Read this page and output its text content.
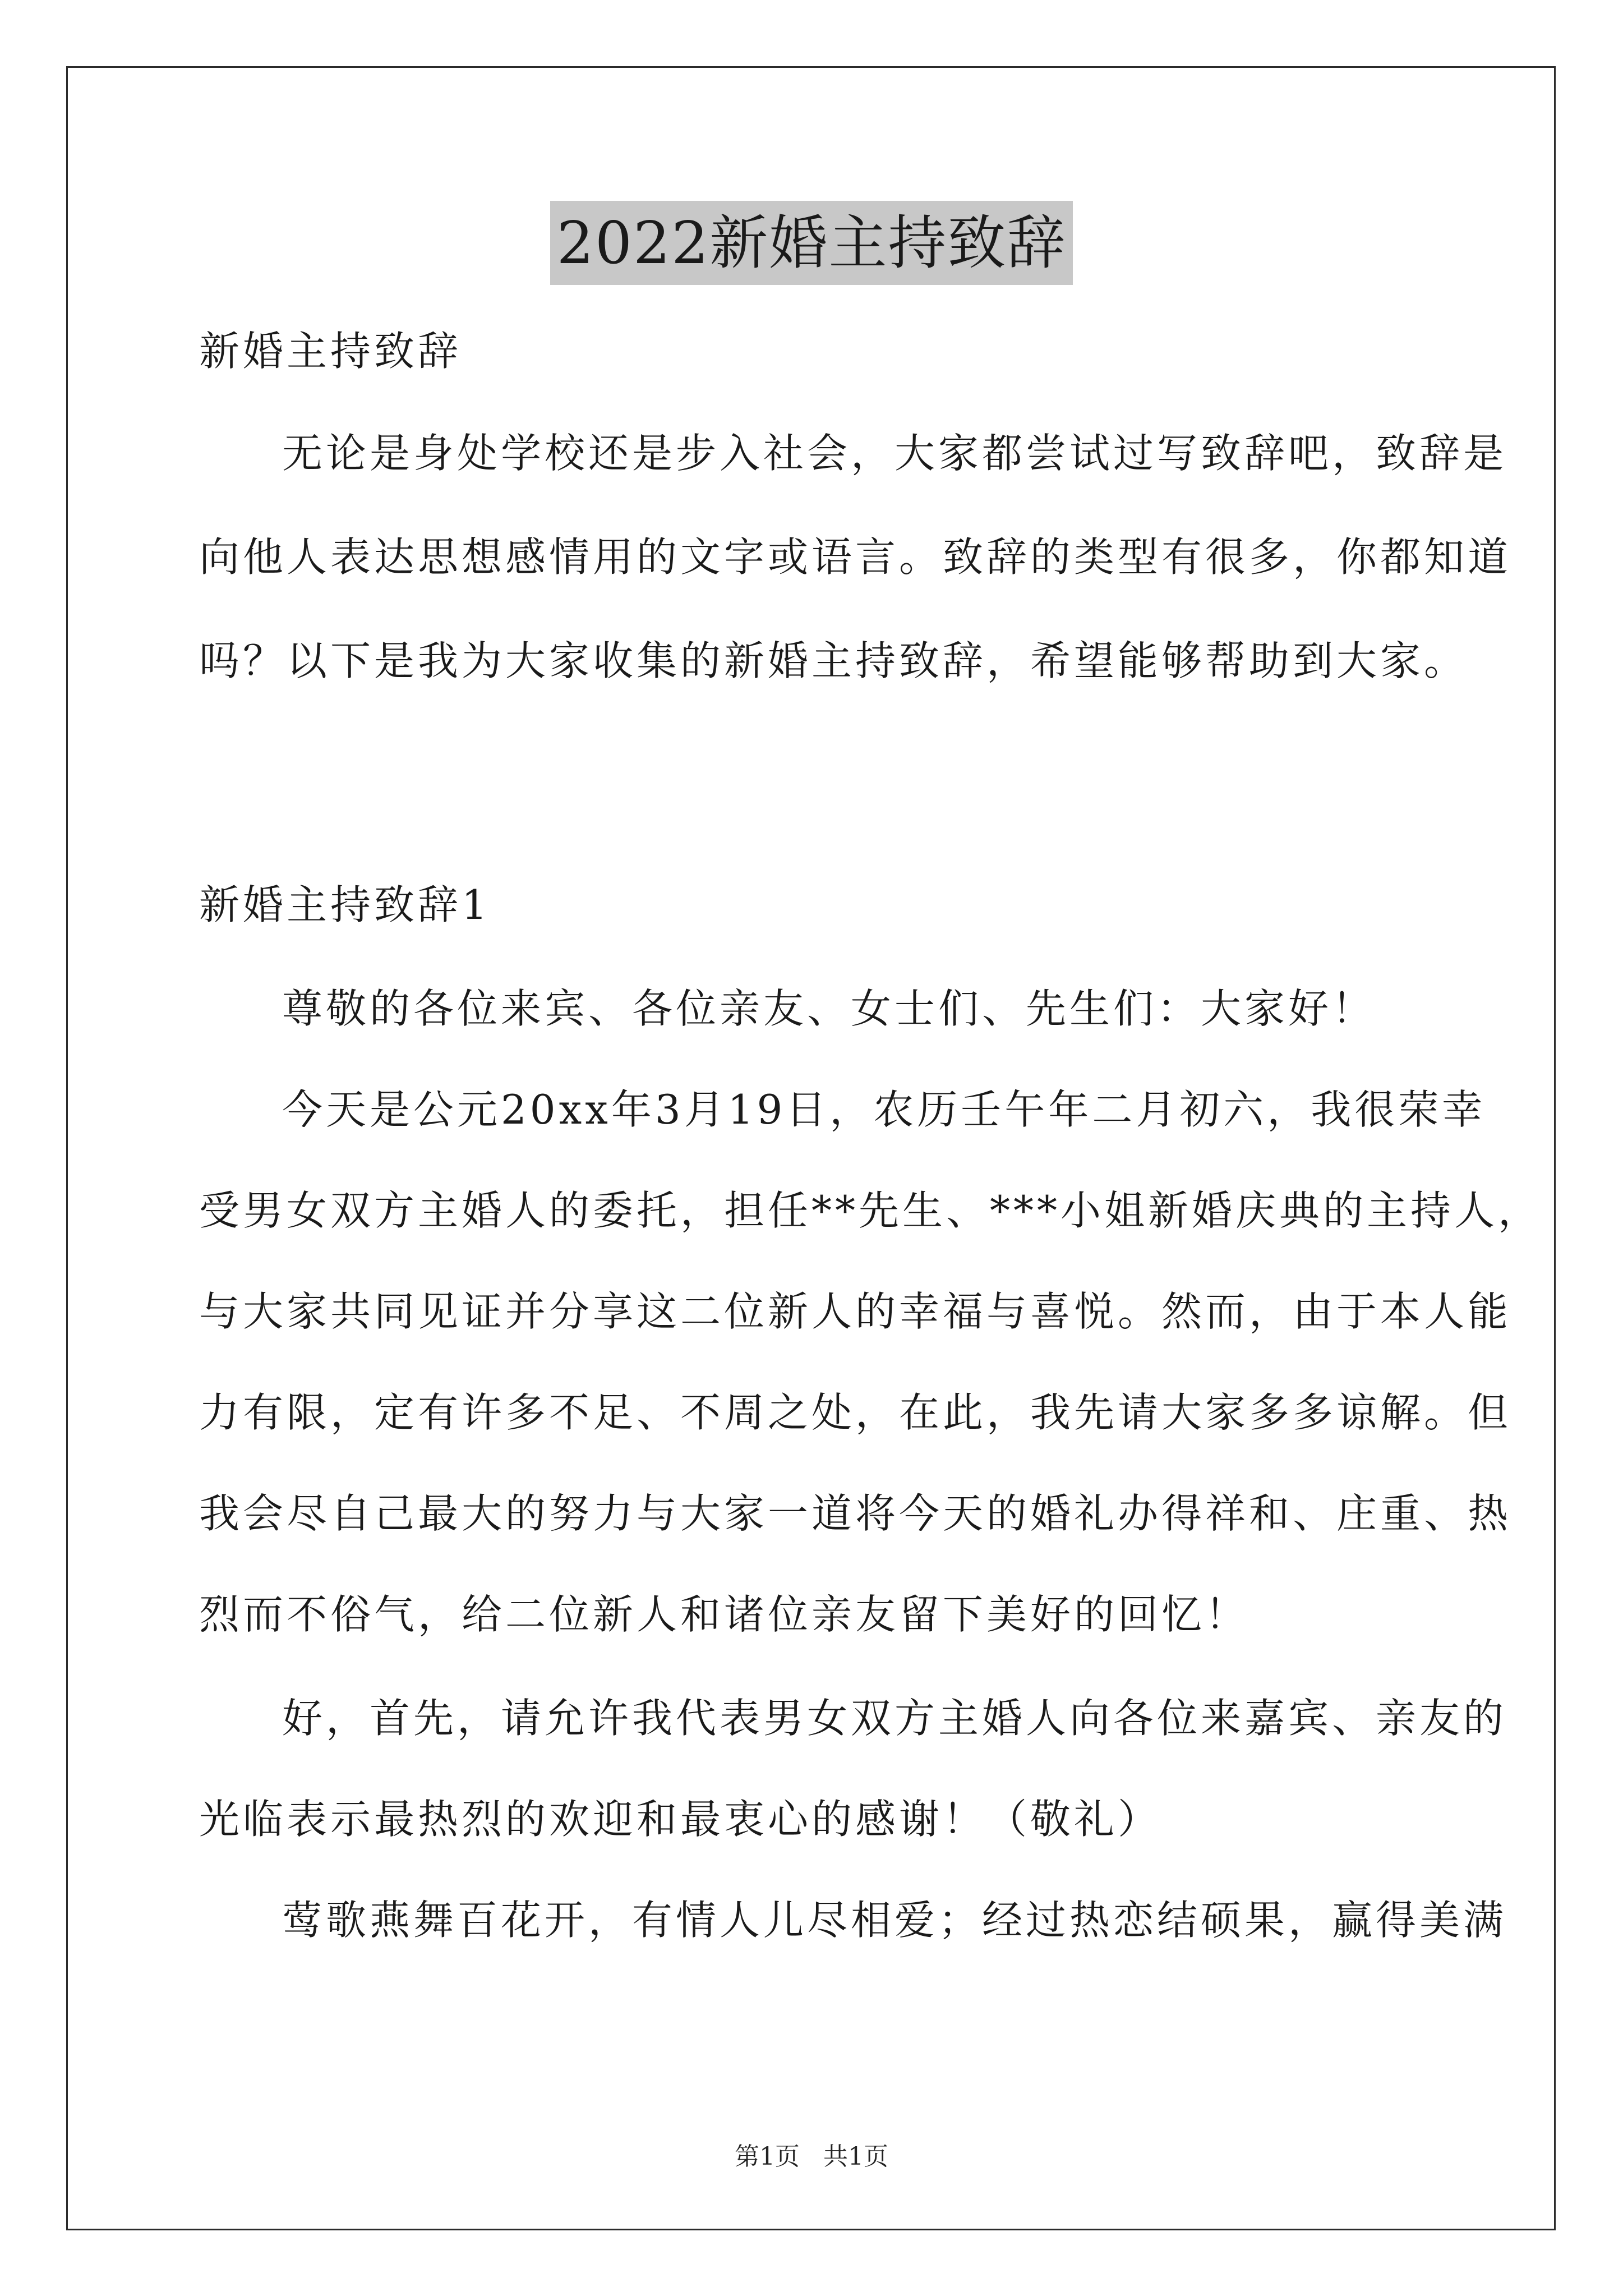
2022新婚主持致辞
新婚主持致辞
无论是身处学校还是步入社会，大家都尝试过写致辞吧，致辞是
向他人表达思想感情用的文字或语言。致辞的类型有很多，你都知道
吗？以下是我为大家收集的新婚主持致辞，希望能够帮助到大家。
新婚主持致辞1
尊敬的各位来宾、各位亲友、女士们、先生们：大家好！
今天是公元20xx年3月19日，农历壬午年二月初六，我很荣幸
受男女双方主婚人的委托，担任**先生、***小姐新婚庆典的主持人，
与大家共同见证并分享这二位新人的幸福与喜悦。然而，由于本人能
力有限，定有许多不足、不周之处，在此，我先请大家多多谅解。但
我会尽自己最大的努力与大家一道将今天的婚礼办得祥和、庄重、热
烈而不俗气，给二位新人和诸位亲友留下美好的回忆！
好，首先，请允许我代表男女双方主婚人向各位来嘉宾、亲友的
光临表示最热烈的欢迎和最衷心的感谢！（敬礼）
莺歌燕舞百花开，有情人儿尽相爱；经过热恋结硕果，赢得美满
第1页 共1页
